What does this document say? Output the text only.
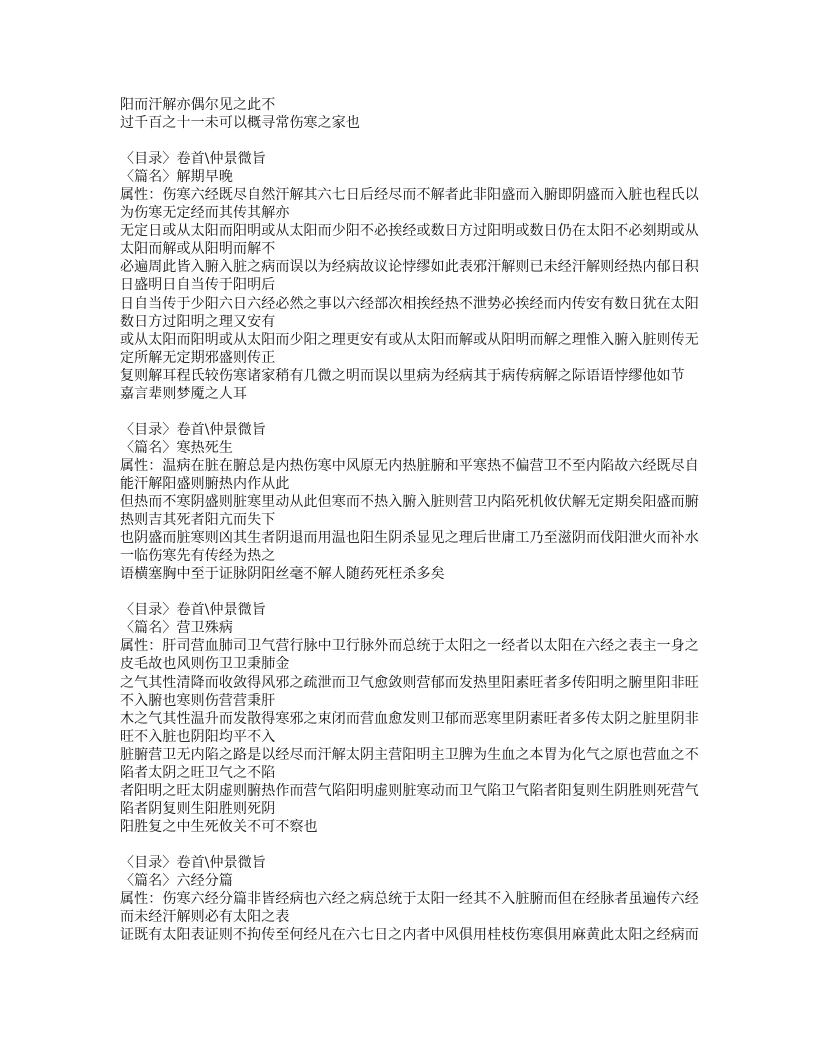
阳而汗解亦偶尔见之此不
过千百之十一未可以概寻常伤寒之家也
〈目录〉卷首\仲景微旨
〈篇名〉解期早晚
属性：伤寒六经既尽自然汗解其六七日后经尽而不解者此非阳盛而入腑即阴盛而入脏也程氏以
为伤寒无定经而其传其解亦
无定日或从太阳而阳明或从太阳而少阳不必挨经或数日方过阳明或数日仍在太阳不必刻期或从
太阳而解或从阳明而解不
必遍周此皆入腑入脏之病而误以为经病故议论悖缪如此表邪汗解则已未经汗解则经热内郁日积
日盛明日自当传于阳明后
日自当传于少阳六日六经必然之事以六经部次相挨经热不泄势必挨经而内传安有数日犹在太阳
数日方过阳明之理又安有
或从太阳而阳明或从太阳而少阳之理更安有或从太阳而解或从阳明而解之理惟入腑入脏则传无
定所解无定期邪盛则传正
复则解耳程氏较伤寒诸家稍有几微之明而误以里病为经病其于病传病解之际语语悖缪他如节
嘉言辈则梦魇之人耳
〈目录〉卷首\仲景微旨
〈篇名〉寒热死生
属性：温病在脏在腑总是内热伤寒中风原无内热脏腑和平寒热不偏营卫不至内陷故六经既尽自
能汗解阳盛则腑热内作从此
但热而不寒阴盛则脏寒里动从此但寒而不热入腑入脏则营卫内陷死机攸伏解无定期矣阳盛而腑
热则吉其死者阳亢而失下
也阴盛而脏寒则凶其生者阴退而用温也阳生阴杀显见之理后世庸工乃至滋阴而伐阳泄火而补水
一临伤寒先有传经为热之
语横塞胸中至于证脉阴阳丝毫不解人随药死枉杀多矣
〈目录〉卷首\仲景微旨
〈篇名〉营卫殊病
属性：肝司营血肺司卫气营行脉中卫行脉外而总统于太阳之一经者以太阳在六经之表主一身之
皮毛故也风则伤卫卫秉肺金
之气其性清降而收敛得风邪之疏泄而卫气愈敛则营郁而发热里阳素旺者多传阳明之腑里阳非旺
不入腑也寒则伤营营秉肝
木之气其性温升而发散得寒邪之束闭而营血愈发则卫郁而恶寒里阴素旺者多传太阴之脏里阴非
旺不入脏也阴阳均平不入
脏腑营卫无内陷之路是以经尽而汗解太阴主营阳明主卫脾为生血之本胃为化气之原也营血之不
陷者太阴之旺卫气之不陷
者阳明之旺太阴虚则腑热作而营气陷阳明虚则脏寒动而卫气陷卫气陷者阳复则生阴胜则死营气
陷者阴复则生阳胜则死阴
阳胜复之中生死攸关不可不察也
〈目录〉卷首\仲景微旨
〈篇名〉六经分篇
属性：伤寒六经分篇非皆经病也六经之病总统于太阳一经其不入脏腑而但在经脉者虽遍传六经
而未经汗解则必有太阳之表
证既有太阳表证则不拘传至何经凡在六七日之内者中风俱用桂枝伤寒俱用麻黄此太阳之经病而
